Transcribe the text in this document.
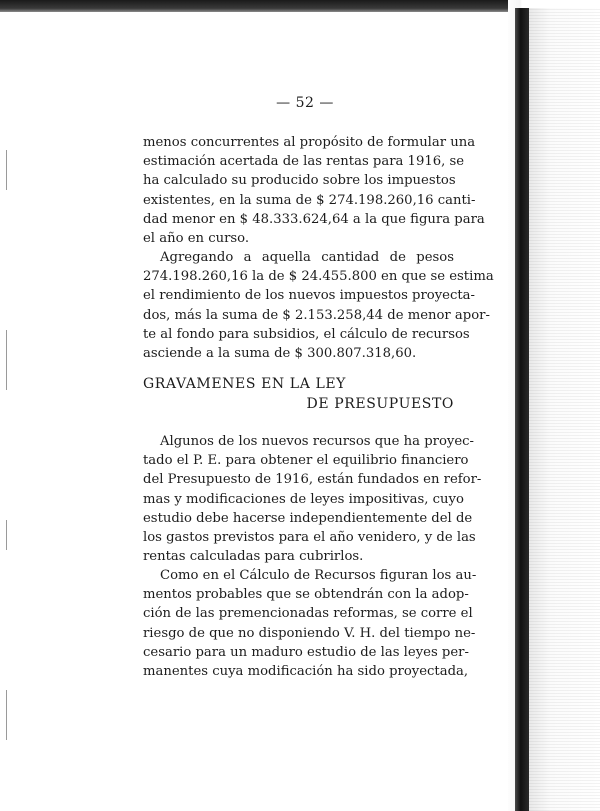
— 52 —
menos concurrentes al propósito de formular una
estimación acertada de las rentas para 1916, se
ha calculado su producido sobre los impuestos
existentes, en la suma de $ 274.198.260,16 canti-
dad menor en $ 48.333.624,64 a la que figura para
el año en curso.
Agregando a aquella cantidad de pesos
274.198.260,16 la de $ 24.455.800 en que se estima
el rendimiento de los nuevos impuestos proyecta-
dos, más la suma de $ 2.153.258,44 de menor apor-
te al fondo para subsidios, el cálculo de recursos
asciende a la suma de $ 300.807.318,60.
GRAVAMENES EN LA LEY
DE PRESUPUESTO
Algunos de los nuevos recursos que ha proyec-
tado el P. E. para obtener el equilibrio financiero
del Presupuesto de 1916, están fundados en refor-
mas y modificaciones de leyes impositivas, cuyo
estudio debe hacerse independientemente del de
los gastos previstos para el año venidero, y de las
rentas calculadas para cubrirlos.
Como en el Cálculo de Recursos figuran los au-
mentos probables que se obtendrán con la adop-
ción de las premencionadas reformas, se corre el
riesgo de que no disponiendo V. H. del tiempo ne-
cesario para un maduro estudio de las leyes per-
manentes cuya modificación ha sido proyectada,
